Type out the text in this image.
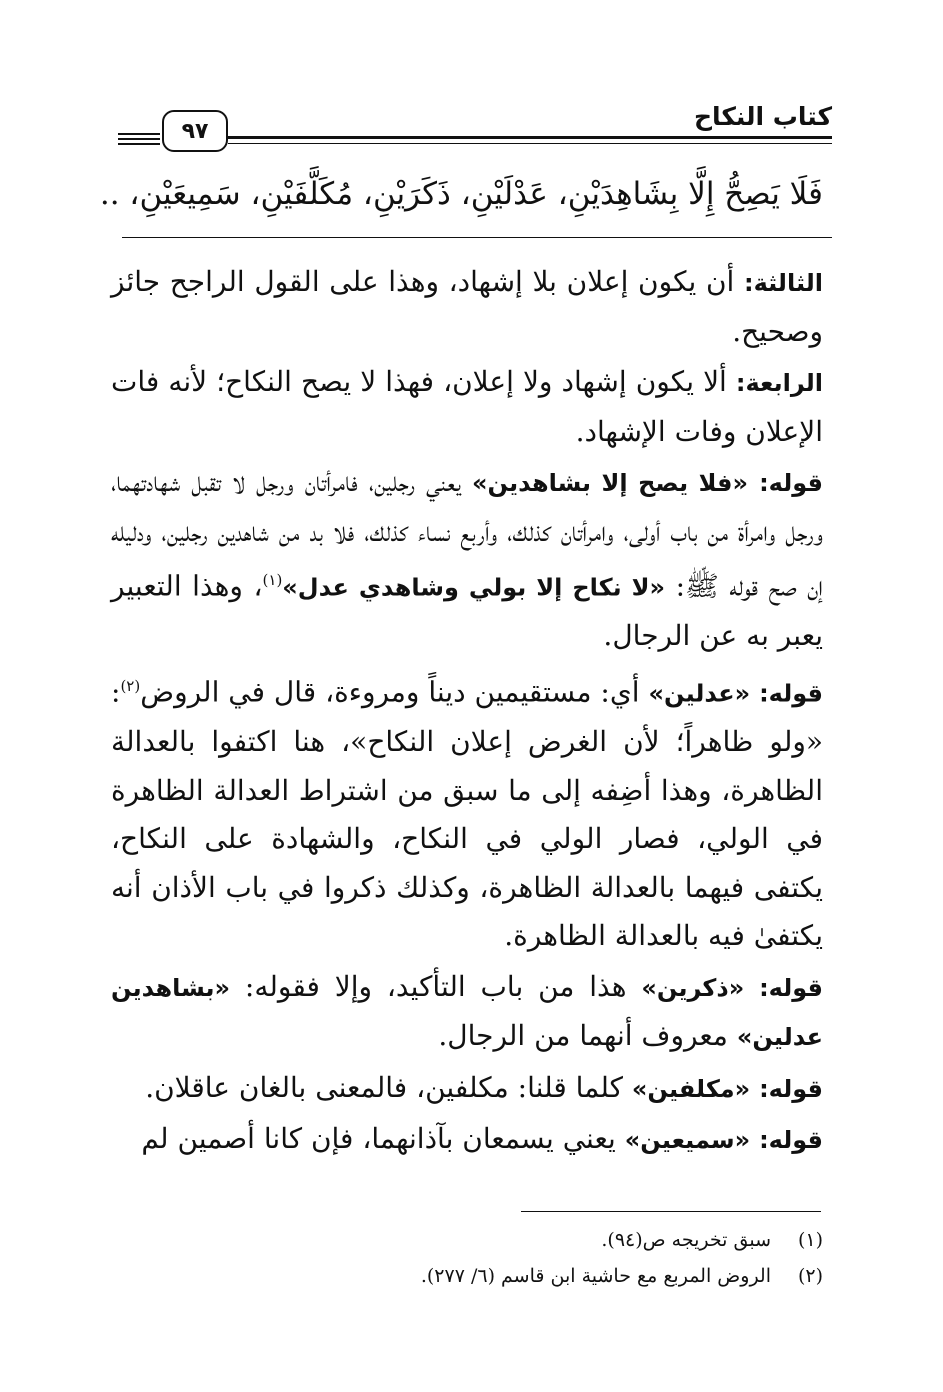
كتاب النكاح
٩٧
فَلَا يَصِحُّ إِلَّا بِشَاهِدَيْنِ، عَدْلَيْنِ، ذَكَرَيْنِ، مُكَلَّفَيْنِ، سَمِيعَيْنِ، ..

الثالثة: أن يكون إعلان بلا إشهاد، وهذا على القول الراجح جائز وصحيح.

الرابعة: ألا يكون إشهاد ولا إعلان، فهذا لا يصح النكاح؛ لأنه فات الإعلان وفات الإشهاد.

قوله: «فلا يصح إلا بشاهدين» يعني رجلين، فامرأتان ورجل لا تقبل شهادتهما، ورجل وامرأة من باب أولى، وامرأتان كذلك، وأربع نساء كذلك، فلا بد من شاهدين رجلين، ودليله إن صح قوله ﷺ: «لا نكاح إلا بولي وشاهدي عدل»$^{(١)}$، وهذا التعبير يعبر به عن الرجال.

قوله: «عدلين» أي: مستقيمين ديناً ومروءة، قال في الروض$^{(٢)}$: «ولو ظاهراً؛ لأن الغرض إعلان النكاح»، هنا اكتفوا بالعدالة الظاهرة، وهذا أضِفه إلى ما سبق من اشتراط العدالة الظاهرة في الولي، فصار الولي في النكاح، والشهادة على النكاح، يكتفى فيهما بالعدالة الظاهرة، وكذلك ذكروا في باب الأذان أنه يكتفىٰ فيه بالعدالة الظاهرة.

قوله: «ذكرين» هذا من باب التأكيد، وإلا فقوله: «بشاهدين عدلين» معروف أنهما من الرجال.

قوله: «مكلفين» كلما قلنا: مكلفين، فالمعنى بالغان عاقلان.

قوله: «سميعين» يعني يسمعان بآذانهما، فإن كانا أصمين لم

(١)سبق تخريجه ص(٩٤).
(٢)الروض المربع مع حاشية ابن قاسم (٦/ ٢٧٧).
